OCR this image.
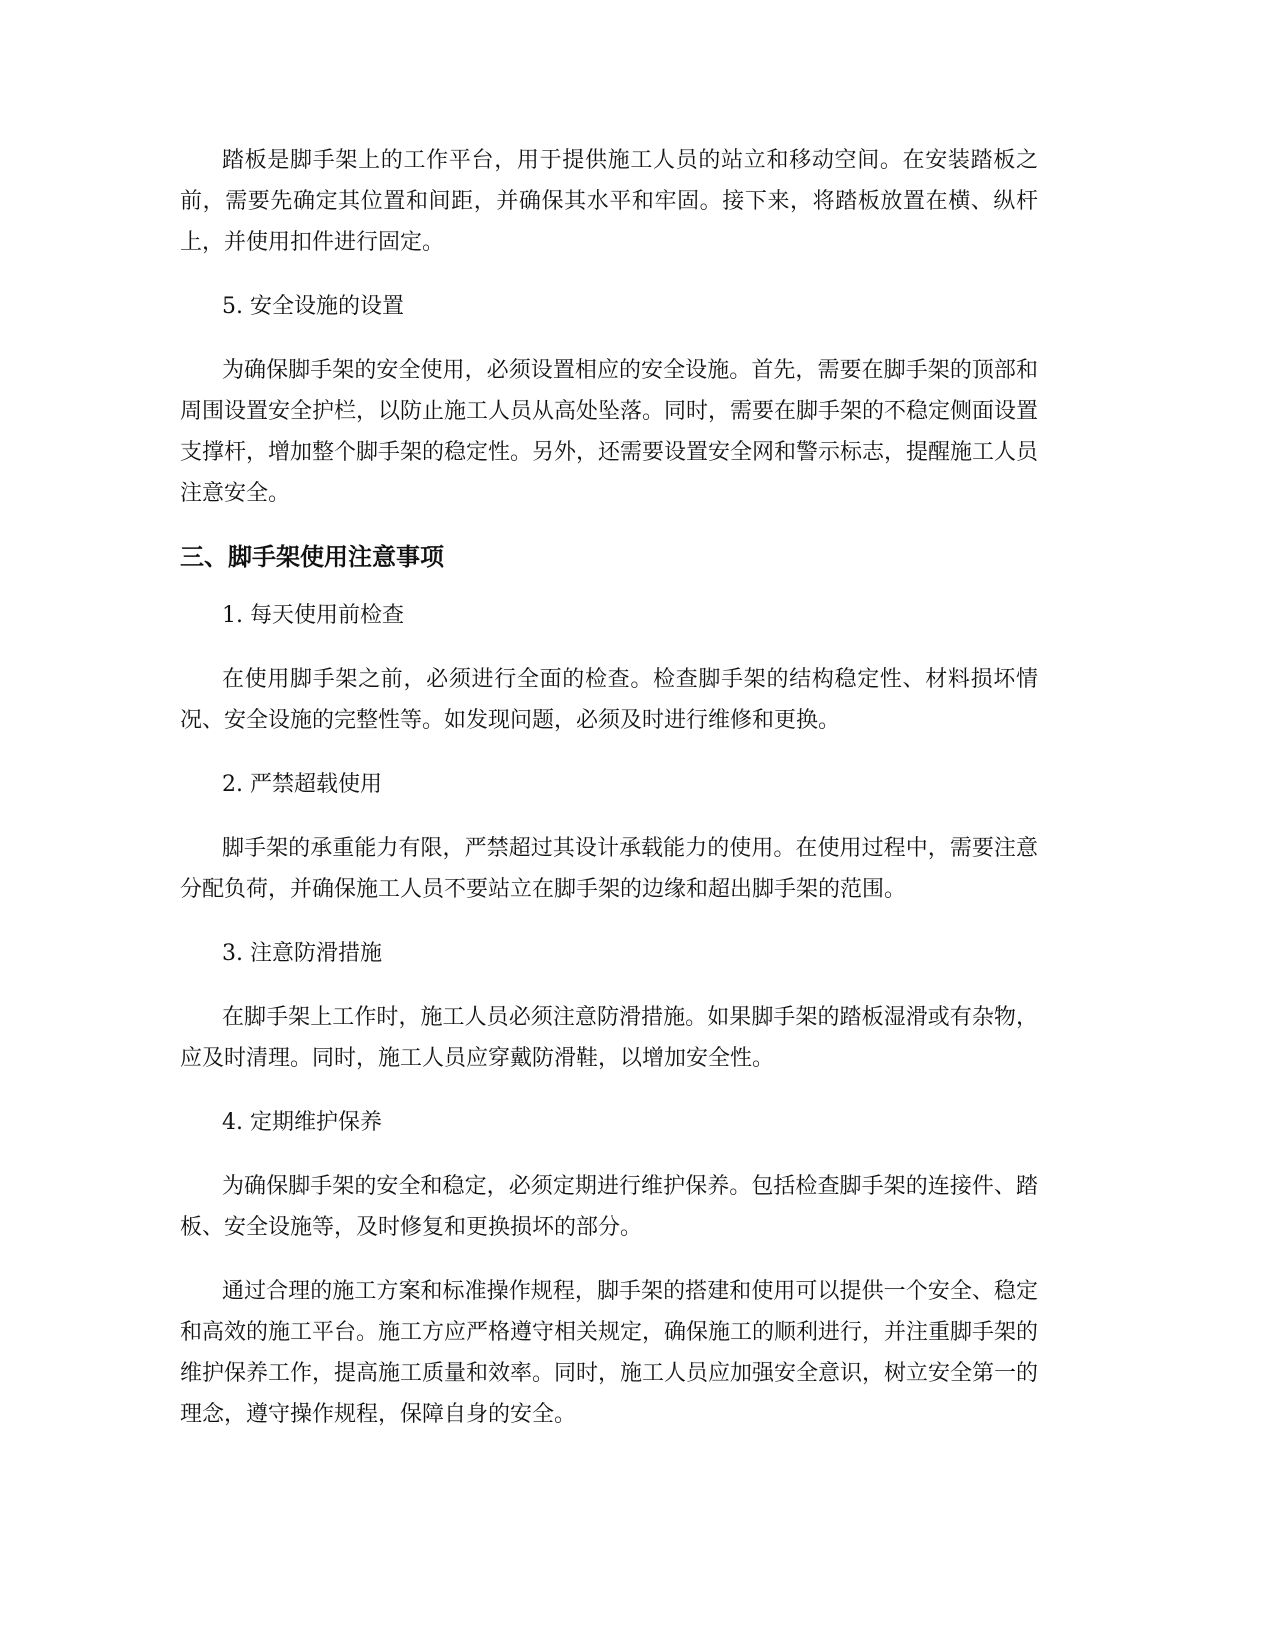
踏板是脚手架上的工作平台，用于提供施工人员的站立和移动空间。在安装踏板之前，需要先确定其位置和间距，并确保其水平和牢固。接下来，将踏板放置在横、纵杆上，并使用扣件进行固定。

5. 安全设施的设置

为确保脚手架的安全使用，必须设置相应的安全设施。首先，需要在脚手架的顶部和周围设置安全护栏，以防止施工人员从高处坠落。同时，需要在脚手架的不稳定侧面设置支撑杆，增加整个脚手架的稳定性。另外，还需要设置安全网和警示标志，提醒施工人员注意安全。

三、脚手架使用注意事项

1. 每天使用前检查

在使用脚手架之前，必须进行全面的检查。检查脚手架的结构稳定性、材料损坏情况、安全设施的完整性等。如发现问题，必须及时进行维修和更换。

2. 严禁超载使用

脚手架的承重能力有限，严禁超过其设计承载能力的使用。在使用过程中，需要注意分配负荷，并确保施工人员不要站立在脚手架的边缘和超出脚手架的范围。

3. 注意防滑措施

在脚手架上工作时，施工人员必须注意防滑措施。如果脚手架的踏板湿滑或有杂物，应及时清理。同时，施工人员应穿戴防滑鞋，以增加安全性。

4. 定期维护保养

为确保脚手架的安全和稳定，必须定期进行维护保养。包括检查脚手架的连接件、踏板、安全设施等，及时修复和更换损坏的部分。

通过合理的施工方案和标准操作规程，脚手架的搭建和使用可以提供一个安全、稳定和高效的施工平台。施工方应严格遵守相关规定，确保施工的顺利进行，并注重脚手架的维护保养工作，提高施工质量和效率。同时，施工人员应加强安全意识，树立安全第一的理念，遵守操作规程，保障自身的安全。
